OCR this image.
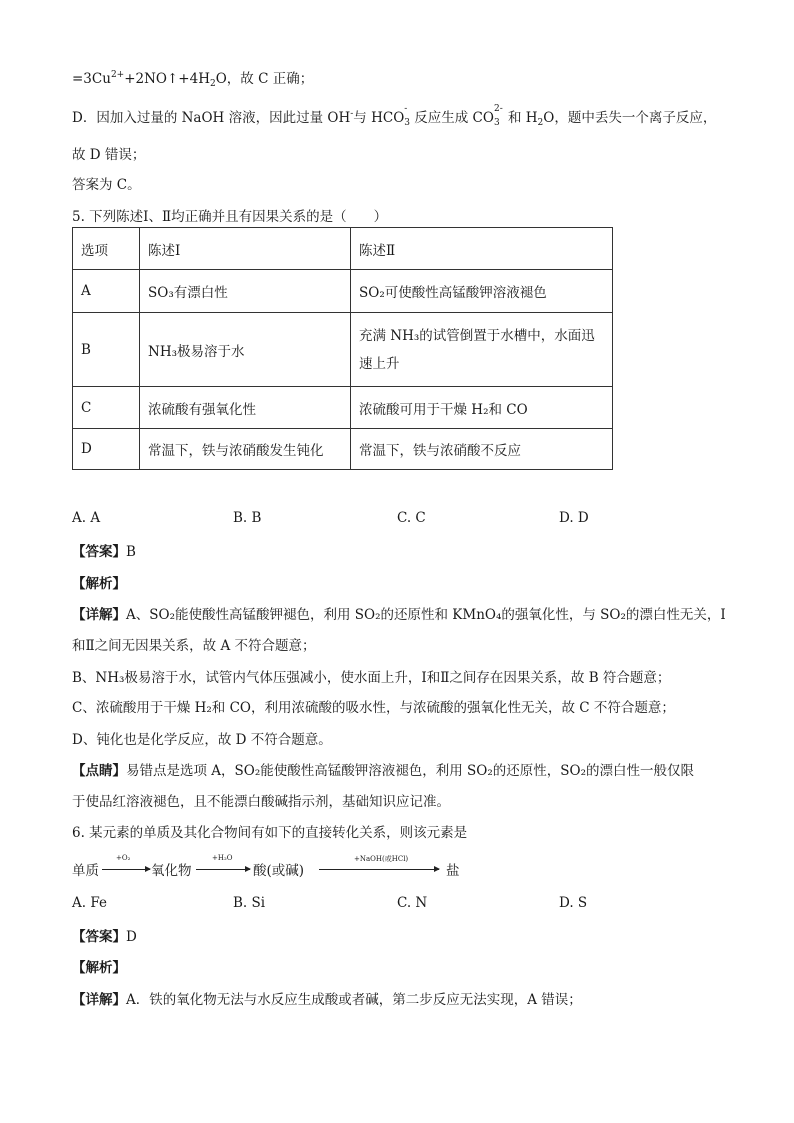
$=3Cu^{2+}+2NO↑+4H_2O$，故 C 正确；
D．因加入过量的 NaOH 溶液，因此过量 OH-与 HCO
-
3 反应生成 CO
2-
3 和 $H_2O$，题中丢失一个离子反应，
故 D 错误；
答案为 C。
5. 下列陈述Ⅰ、Ⅱ均正确并且有因果关系的是（　　）
选项	陈述Ⅰ	陈述Ⅱ
A	SO₃有漂白性	SO₂可使酸性高锰酸钾溶液褪色
B	NH₃极易溶于水	充满 NH₃的试管倒置于水槽中，水面迅
速上升

C	浓硫酸有强氧化性	浓硫酸可用于干燥 H₂和 CO
D	常温下，铁与浓硝酸发生钝化	常温下，铁与浓硝酸不反应
A. A	B. B	C. C	D. D
【答案】B
【解析】
【详解】A、SO₂能使酸性高锰酸钾褪色，利用 SO₂的还原性和 KMnO₄的强氧化性，与 SO₂的漂白性无关，Ⅰ
和Ⅱ之间无因果关系，故 A 不符合题意；
B、NH₃极易溶于水，试管内气体压强减小，使水面上升，Ⅰ和Ⅱ之间存在因果关系，故 B 符合题意；
C、浓硫酸用于干燥 H₂和 CO，利用浓硫酸的吸水性，与浓硫酸的强氧化性无关，故 C 不符合题意；
D、钝化也是化学反应，故 D 不符合题意。
【点睛】易错点是选项 A，SO₂能使酸性高锰酸钾溶液褪色，利用 SO₂的还原性，SO₂的漂白性一般仅限
于使品红溶液褪色，且不能漂白酸碱指示剂，基础知识应记准。
6. 某元素的单质及其化合物间有如下的直接转化关系，则该元素是
单质
+O₂
氧化物
+H₂O
酸(或碱)
+NaOH(或HCl)
盐
A. Fe	B. Si	C. N	D. S
【答案】D
【解析】
【详解】A．铁的氧化物无法与水反应生成酸或者碱，第二步反应无法实现，A 错误；
